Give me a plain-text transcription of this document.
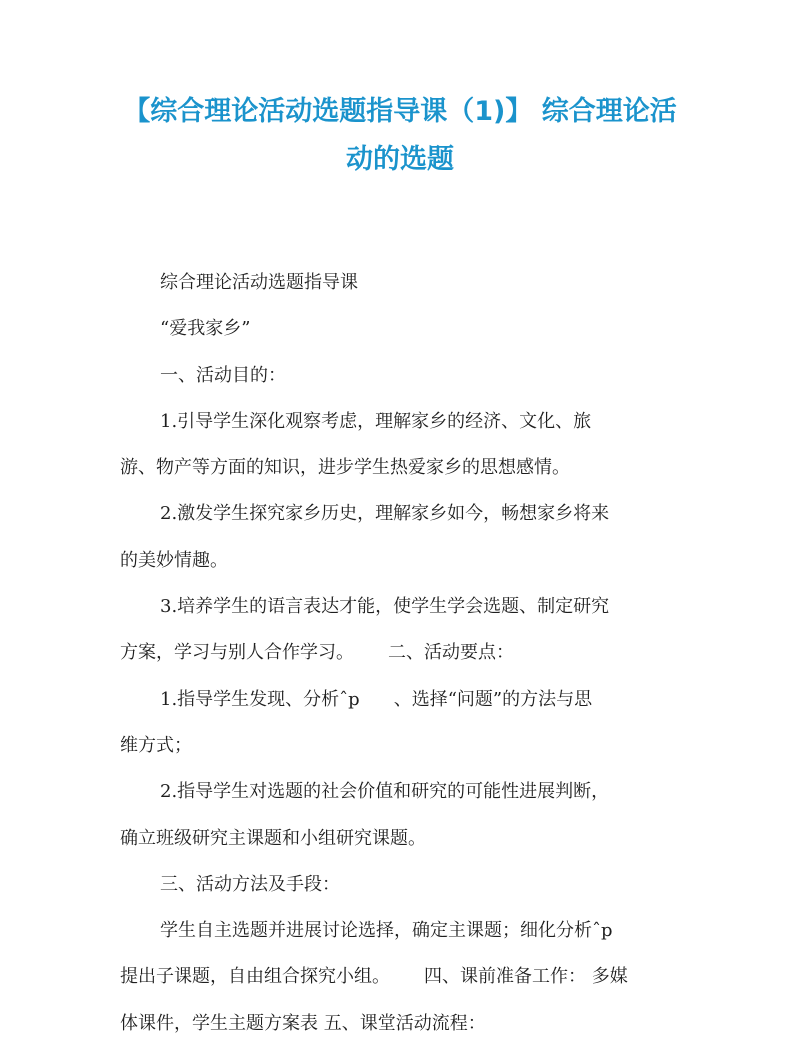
【综合理论活动选题指导课（1)】 综合理论活
动的选题
综合理论活动选题指导课
“爱我家乡”
一、活动目的：
1.引导学生深化观察考虑，理解家乡的经济、文化、旅
游、物产等方面的知识，进步学生热爱家乡的思想感情。
2.激发学生探究家乡历史，理解家乡如今，畅想家乡将来
的美妙情趣。
3.培养学生的语言表达才能，使学生学会选题、制定研究
方案，学习与别人合作学习。 二、活动要点：
1.指导学生发现、分析ˆp 、选择“问题”的方法与思
维方式；
2.指导学生对选题的社会价值和研究的可能性进展判断，
确立班级研究主课题和小组研究课题。
三、活动方法及手段：
学生自主选题并进展讨论选择，确定主课题；细化分析ˆp
提出子课题，自由组合探究小组。 四、课前准备工作： 多媒
体课件，学生主题方案表 五、课堂活动流程：
